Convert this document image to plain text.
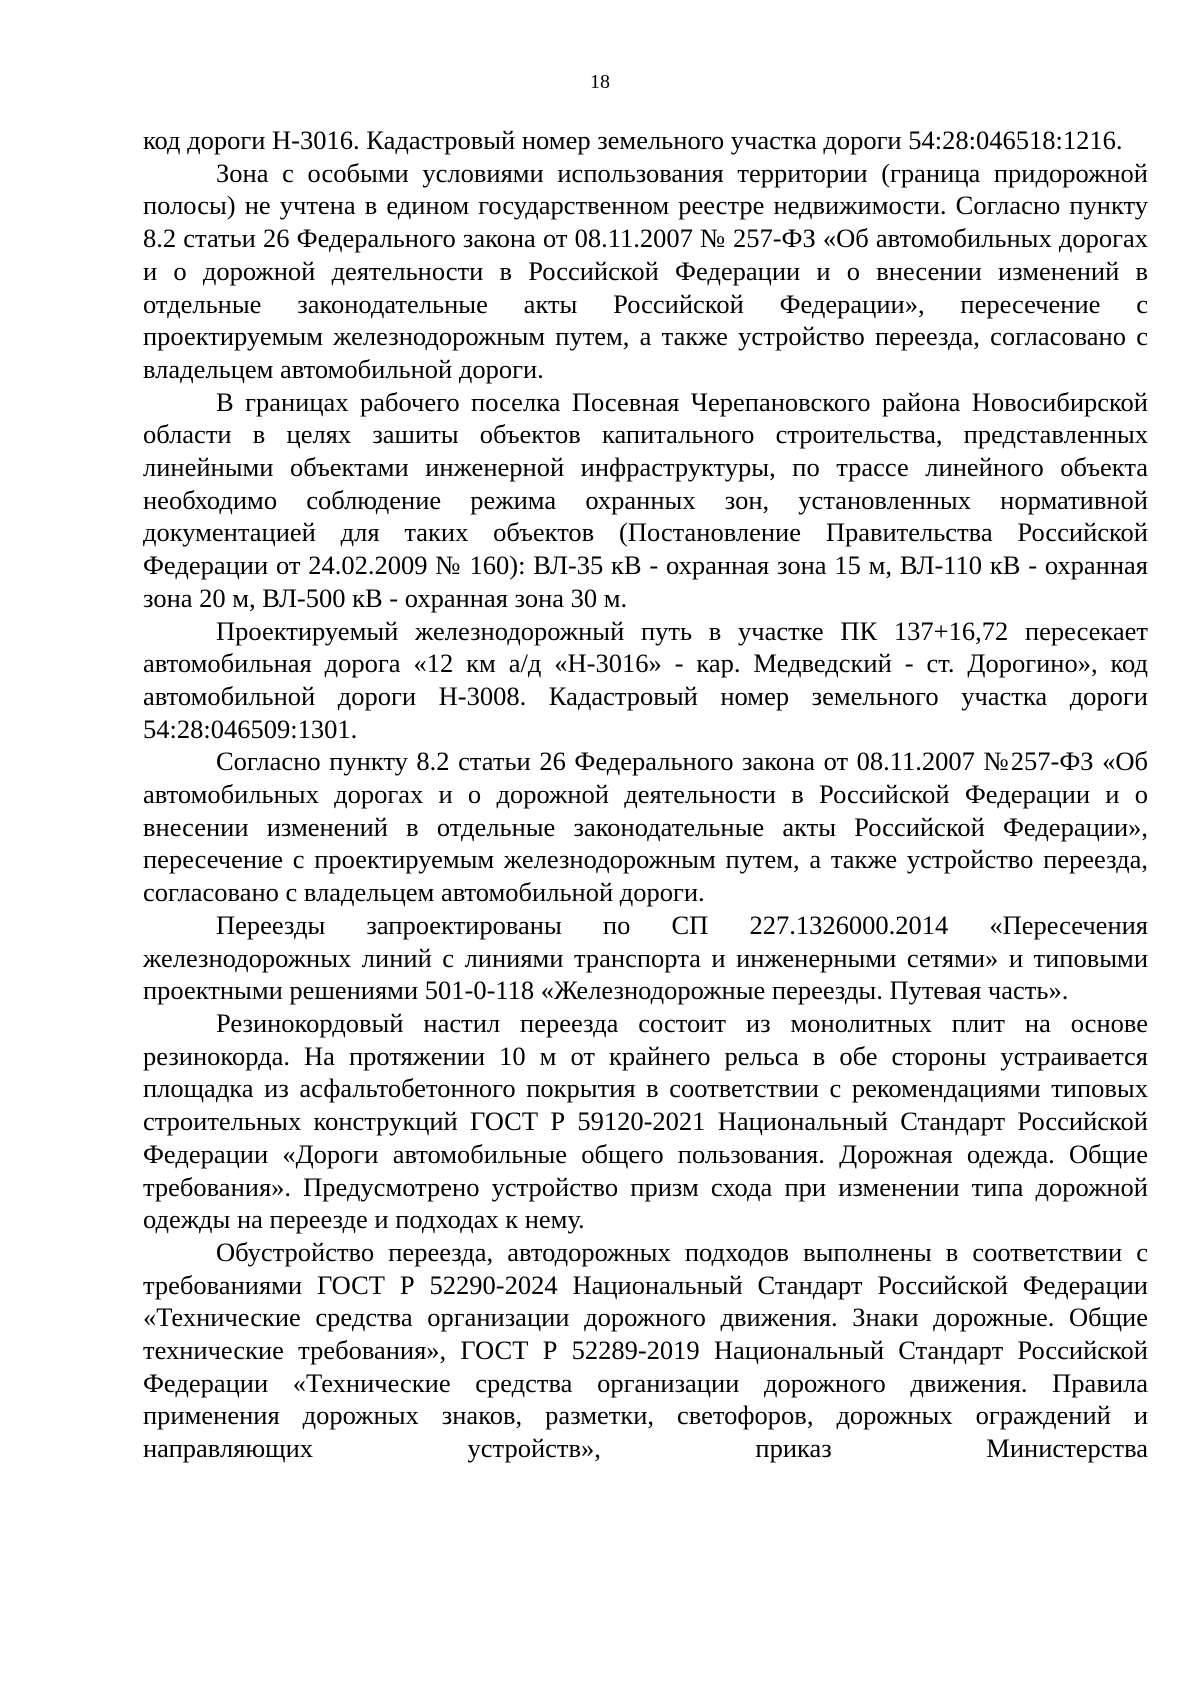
18

код дороги Н-3016. Кадастровый номер земельного участка дороги 54:28:046518:1216.

Зона с особыми условиями использования территории (граница придорожной полосы) не учтена в едином государственном реестре недвижимости. Согласно пункту 8.2 статьи 26 Федерального закона от 08.11.2007 № 257-ФЗ «Об автомобильных дорогах и о дорожной деятельности в Российской Федерации и о внесении изменений в отдельные законодательные акты Российской Федерации», пересечение с проектируемым железнодорожным путем, а также устройство переезда, согласовано с владельцем автомобильной дороги.

В границах рабочего поселка Посевная Черепановского района Новосибирской области в целях зашиты объектов капитального строительства, представленных линейными объектами инженерной инфраструктуры, по трассе линейного объекта необходимо соблюдение режима охранных зон, установленных нормативной документацией для таких объектов (Постановление Правительства Российской Федерации от 24.02.2009 № 160): ВЛ-35 кВ - охранная зона 15 м, ВЛ-110 кВ - охранная зона 20 м, ВЛ-500 кВ - охранная зона 30 м.

Проектируемый железнодорожный путь в участке ПК 137+16,72 пересекает автомобильная дорога «12 км а/д «Н-3016» - кар. Медведский - ст. Дорогино», код автомобильной дороги Н-3008. Кадастровый номер земельного участка дороги 54:28:046509:1301.

Согласно пункту 8.2 статьи 26 Федерального закона от 08.11.2007 №257-ФЗ «Об автомобильных дорогах и о дорожной деятельности в Российской Федерации и о внесении изменений в отдельные законодательные акты Российской Федерации», пересечение с проектируемым железнодорожным путем, а также устройство переезда, согласовано с владельцем автомобильной дороги.

Переезды запроектированы по СП 227.1326000.2014 «Пересечения железнодорожных линий с линиями транспорта и инженерными сетями» и типовыми проектными решениями 501-0-118 «Железнодорожные переезды. Путевая часть».

Резинокордовый настил переезда состоит из монолитных плит на основе резинокорда. На протяжении 10 м от крайнего рельса в обе стороны устраивается площадка из асфальтобетонного покрытия в соответствии с рекомендациями типовых строительных конструкций ГОСТ Р 59120-2021 Национальный Стандарт Российской Федерации «Дороги автомобильные общего пользования. Дорожная одежда. Общие требования». Предусмотрено устройство призм схода при изменении типа дорожной одежды на переезде и подходах к нему.

Обустройство переезда, автодорожных подходов выполнены в соответствии с требованиями ГОСТ Р 52290-2024 Национальный Стандарт Российской Федерации «Технические средства организации дорожного движения. Знаки дорожные. Общие технические требования», ГОСТ Р 52289-2019 Национальный Стандарт Российской Федерации «Технические средства организации дорожного движения. Правила применения дорожных знаков, разметки, светофоров, дорожных ограждений и направляющих устройств», приказ Министерства
